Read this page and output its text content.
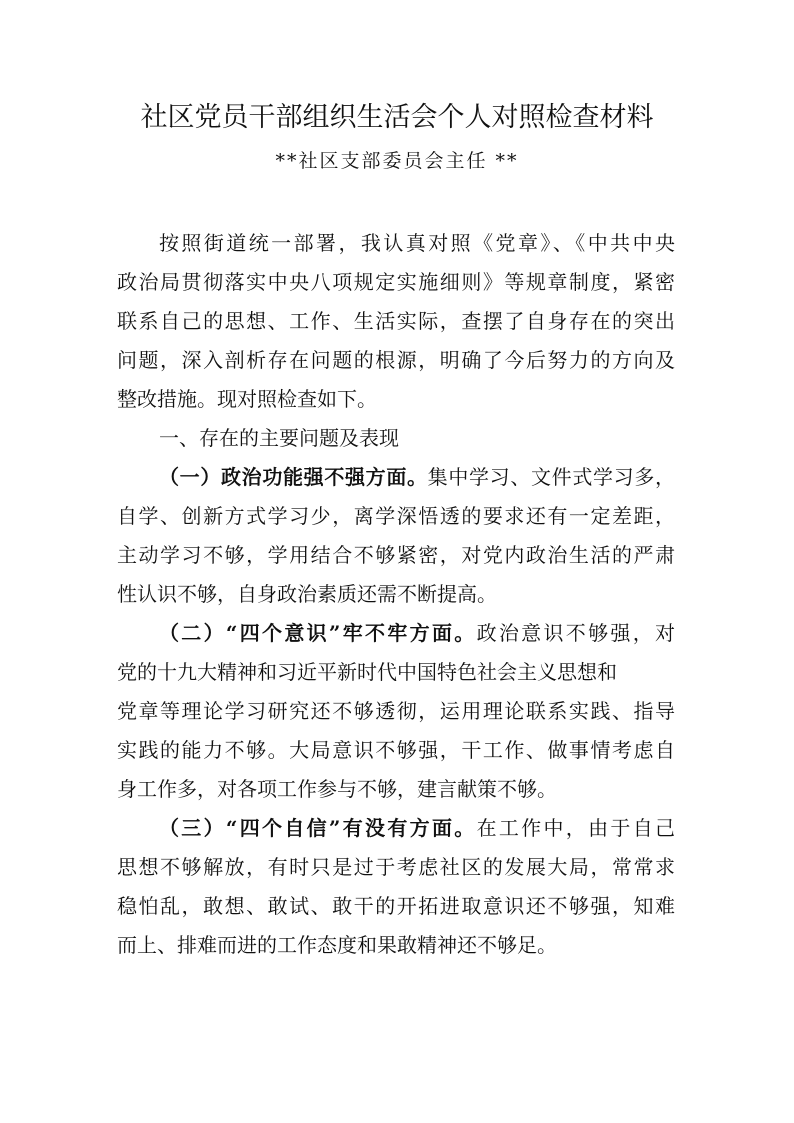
社区党员干部组织生活会个人对照检查材料
**社区支部委员会主任 **
按照街道统一部署，我认真对照《党章》、《中共中央
政治局贯彻落实中央八项规定实施细则》等规章制度，紧密
联系自己的思想、工作、生活实际，查摆了自身存在的突出
问题，深入剖析存在问题的根源，明确了今后努力的方向及
整改措施。现对照检查如下。
一、存在的主要问题及表现
（一）政治功能强不强方面。集中学习、文件式学习多，
自学、创新方式学习少，离学深悟透的要求还有一定差距，
主动学习不够，学用结合不够紧密，对党内政治生活的严肃
性认识不够，自身政治素质还需不断提高。
（二）“四个意识”牢不牢方面。政治意识不够强，对
党的十九大精神和习近平新时代中国特色社会主义思想和
党章等理论学习研究还不够透彻，运用理论联系实践、指导
实践的能力不够。大局意识不够强，干工作、做事情考虑自
身工作多，对各项工作参与不够，建言献策不够。
（三）“四个自信”有没有方面。在工作中，由于自己
思想不够解放，有时只是过于考虑社区的发展大局，常常求
稳怕乱，敢想、敢试、敢干的开拓进取意识还不够强，知难
而上、排难而进的工作态度和果敢精神还不够足。
